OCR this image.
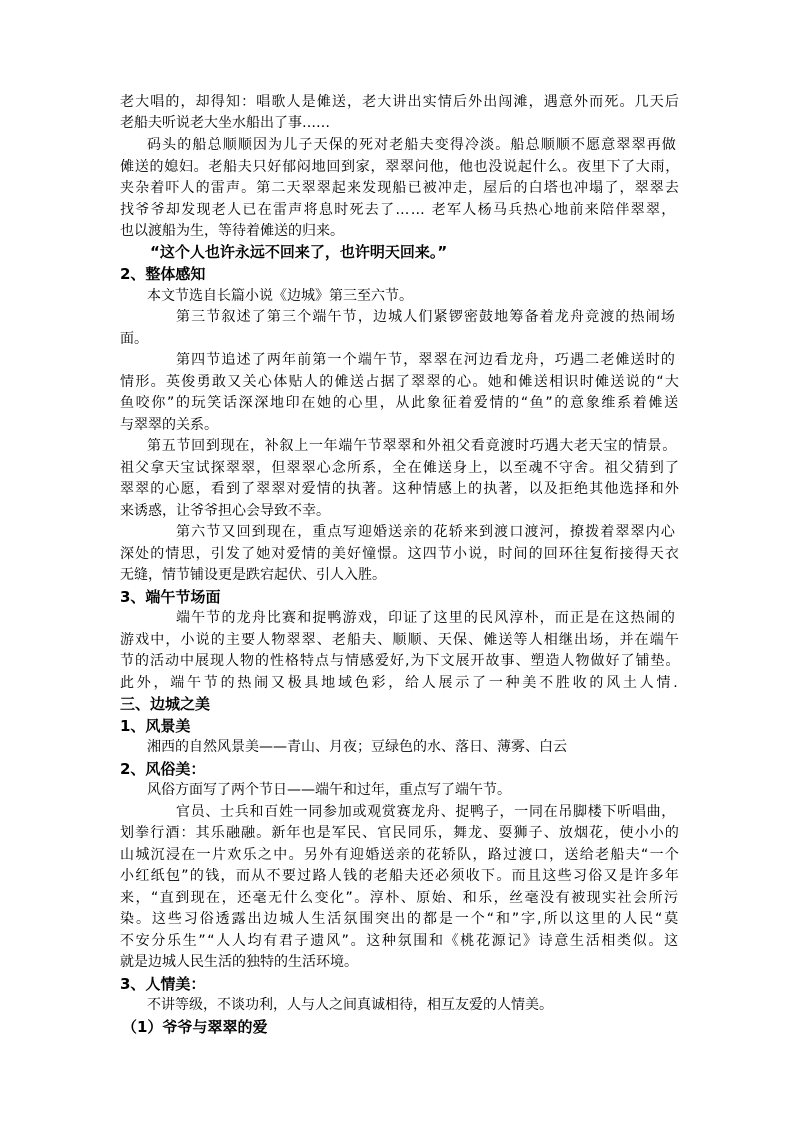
老大唱的，却得知：唱歌人是傩送，老大讲出实情后外出闯滩，遇意外而死。几天后
老船夫听说老大坐水船出了事……
码头的船总顺顺因为儿子天保的死对老船夫变得冷淡。船总顺顺不愿意翠翠再做
傩送的媳妇。老船夫只好郁闷地回到家，翠翠问他，他也没说起什么。夜里下了大雨，
夹杂着吓人的雷声。第二天翠翠起来发现船已被冲走，屋后的白塔也冲塌了，翠翠去
找爷爷却发现老人已在雷声将息时死去了…… 老军人杨马兵热心地前来陪伴翠翠，
也以渡船为生，等待着傩送的归来。
“这个人也许永远不回来了，也许明天回来。”
2、整体感知
本文节选自长篇小说《边城》第三至六节。
第三节叙述了第三个端午节，边城人们紧锣密鼓地筹备着龙舟竞渡的热闹场
面。
第四节追述了两年前第一个端午节，翠翠在河边看龙舟，巧遇二老傩送时的
情形。英俊勇敢又关心体贴人的傩送占据了翠翠的心。她和傩送相识时傩送说的“大
鱼咬你”的玩笑话深深地印在她的心里，从此象征着爱情的“鱼”的意象维系着傩送
与翠翠的关系。
第五节回到现在，补叙上一年端午节翠翠和外祖父看竟渡时巧遇大老天宝的情景。
祖父拿天宝试探翠翠，但翠翠心念所系，全在傩送身上，以至魂不守舍。祖父猜到了
翠翠的心愿，看到了翠翠对爱情的执著。这种情感上的执著，以及拒绝其他选择和外
来诱惑，让爷爷担心会导致不幸。
第六节又回到现在，重点写迎婚送亲的花轿来到渡口渡河，撩拨着翠翠内心
深处的情思，引发了她对爱情的美好憧憬。这四节小说，时间的回环往复衔接得天衣
无缝，情节铺设更是跌宕起伏、引人入胜。
3、端午节场面
端午节的龙舟比赛和捉鸭游戏，印证了这里的民风淳朴，而正是在这热闹的
游戏中，小说的主要人物翠翠、老船夫、顺顺、天保、傩送等人相继出场，并在端午
节的活动中展现人物的性格特点与情感爱好,为下文展开故事、塑造人物做好了铺垫。
此外，端午节的热闹又极具地域色彩，给人展示了一种美不胜收的风土人情.
三、边城之美
1、风景美
湘西的自然风景美——青山、月夜；豆绿色的水、落日、薄雾、白云
2、风俗美：
风俗方面写了两个节日——端午和过年，重点写了端午节。
官员、士兵和百姓一同参加或观赏赛龙舟、捉鸭子，一同在吊脚楼下听唱曲，
划拳行酒：其乐融融。新年也是军民、官民同乐，舞龙、耍狮子、放烟花，使小小的
山城沉浸在一片欢乐之中。另外有迎婚送亲的花轿队，路过渡口，送给老船夫“一个
小红纸包”的钱，而从不要过路人钱的老船夫还必须收下。而且这些习俗又是许多年
来，“直到现在，还毫无什么变化”。淳朴、原始、和乐，丝毫没有被现实社会所污
染。这些习俗透露出边城人生活氛围突出的都是一个“和”字,所以这里的人民“莫
不安分乐生”“人人均有君子遗风”。这种氛围和《桃花源记》诗意生活相类似。这
就是边城人民生活的独特的生活环境。
3、人情美：
不讲等级，不谈功利，人与人之间真诚相待，相互友爱的人情美。
（1）爷爷与翠翠的爱
